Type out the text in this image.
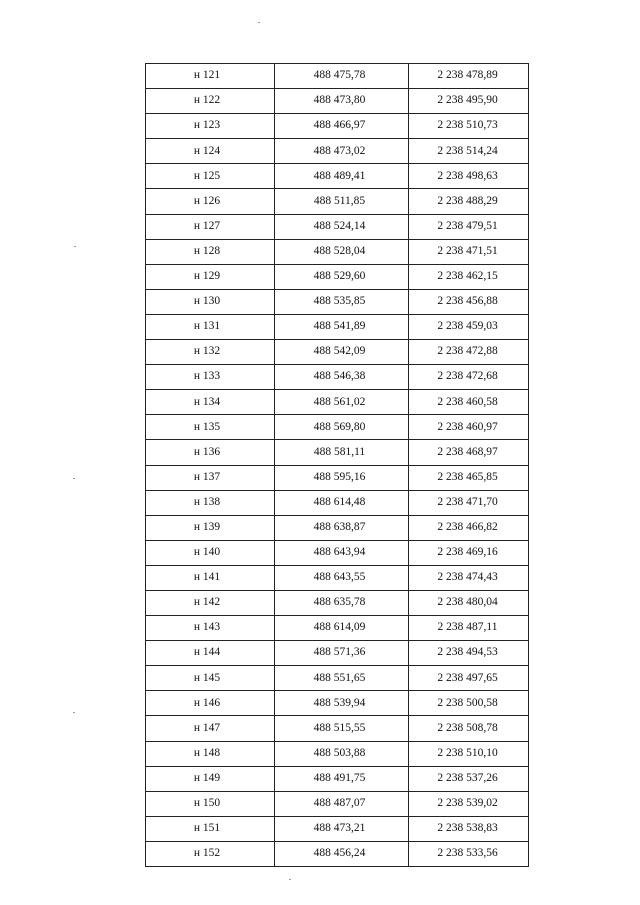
н 121	488 475,78	2 238 478,89
н 122	488 473,80	2 238 495,90
н 123	488 466,97	2 238 510,73
н 124	488 473,02	2 238 514,24
н 125	488 489,41	2 238 498,63
н 126	488 511,85	2 238 488,29
н 127	488 524,14	2 238 479,51
н 128	488 528,04	2 238 471,51
н 129	488 529,60	2 238 462,15
н 130	488 535,85	2 238 456,88
н 131	488 541,89	2 238 459,03
н 132	488 542,09	2 238 472,88
н 133	488 546,38	2 238 472,68
н 134	488 561,02	2 238 460,58
н 135	488 569,80	2 238 460,97
н 136	488 581,11	2 238 468,97
н 137	488 595,16	2 238 465,85
н 138	488 614,48	2 238 471,70
н 139	488 638,87	2 238 466,82
н 140	488 643,94	2 238 469,16
н 141	488 643,55	2 238 474,43
н 142	488 635,78	2 238 480,04
н 143	488 614,09	2 238 487,11
н 144	488 571,36	2 238 494,53
н 145	488 551,65	2 238 497,65
н 146	488 539,94	2 238 500,58
н 147	488 515,55	2 238 508,78
н 148	488 503,88	2 238 510,10
н 149	488 491,75	2 238 537,26
н 150	488 487,07	2 238 539,02
н 151	488 473,21	2 238 538,83
н 152	488 456,24	2 238 533,56
